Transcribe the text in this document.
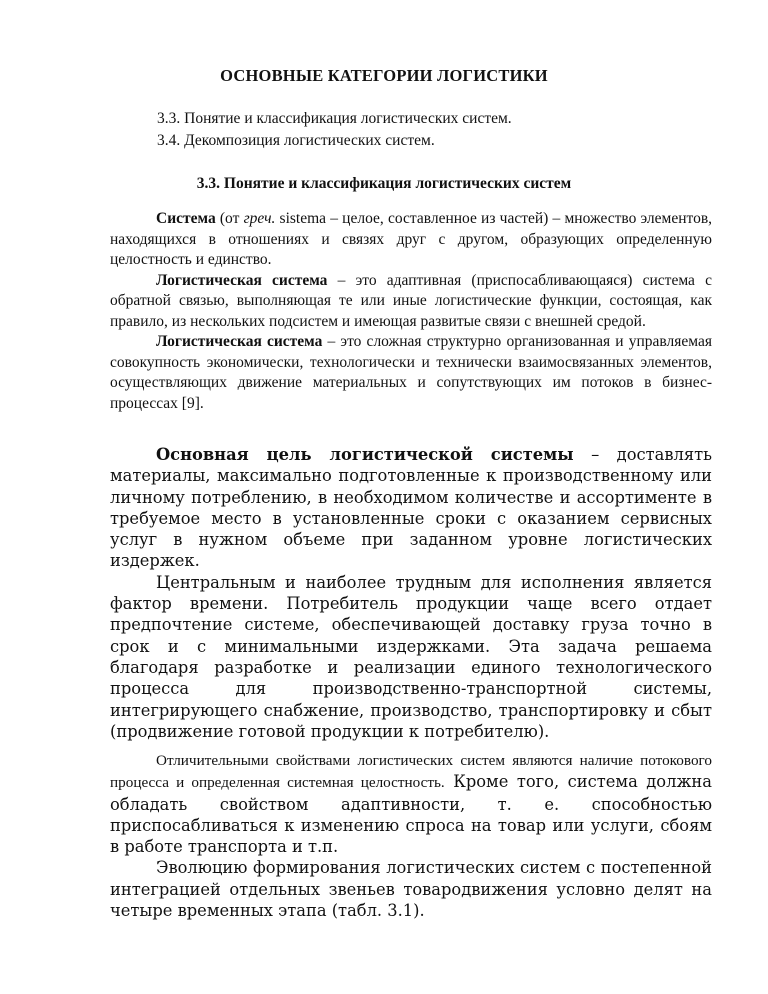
ОСНОВНЫЕ КАТЕГОРИИ ЛОГИСТИКИ
3.3. Понятие и классификация логистических систем.
3.4. Декомпозиция логистических систем.
3.3. Понятие и классификация логистических систем

Система (от греч. sistema – целое, составленное из частей) – множество элементов, находящихся в отношениях и связях друг с другом, образующих определенную целостность и единство.

Логистическая система – это адаптивная (приспосабливающаяся) система с обратной связью, выполняющая те или иные логистические функции, состоящая, как правило, из нескольких подсистем и имеющая развитые связи с внешней средой.

Логистическая система – это сложная структурно организованная и управляемая совокупность экономически, технологически и технически взаимосвязанных элементов, осуществляющих движение материальных и сопутствующих им потоков в бизнес-процессах [9].

Основная цель логистической системы – доставлять материалы, максимально подготовленные к производственному или личному потреблению, в необходимом количестве и ассортименте в требуемое место в установленные сроки с оказанием сервисных услуг в нужном объеме при заданном уровне логистических издержек.

Центральным и наиболее трудным для исполнения является фактор времени. Потребитель продукции чаще всего отдает предпочтение системе, обеспечивающей доставку груза точно в срок и с минимальными издержками. Эта задача решаема благодаря разработке и реализации единого технологического процесса для производственно-транспортной системы, интегрирующего снабжение, производство, транспортировку и сбыт (продвижение готовой продукции к потребителю).

Отличительными свойствами логистических систем являются наличие потокового процесса и определенная системная целостность. Кроме того, система должна обладать свойством адаптивности, т. е. способностью приспосабливаться к изменению спроса на товар или услуги, сбоям в работе транспорта и т.п.

Эволюцию формирования логистических систем с постепенной интеграцией отдельных звеньев товародвижения условно делят на четыре временных этапа (табл. 3.1).
